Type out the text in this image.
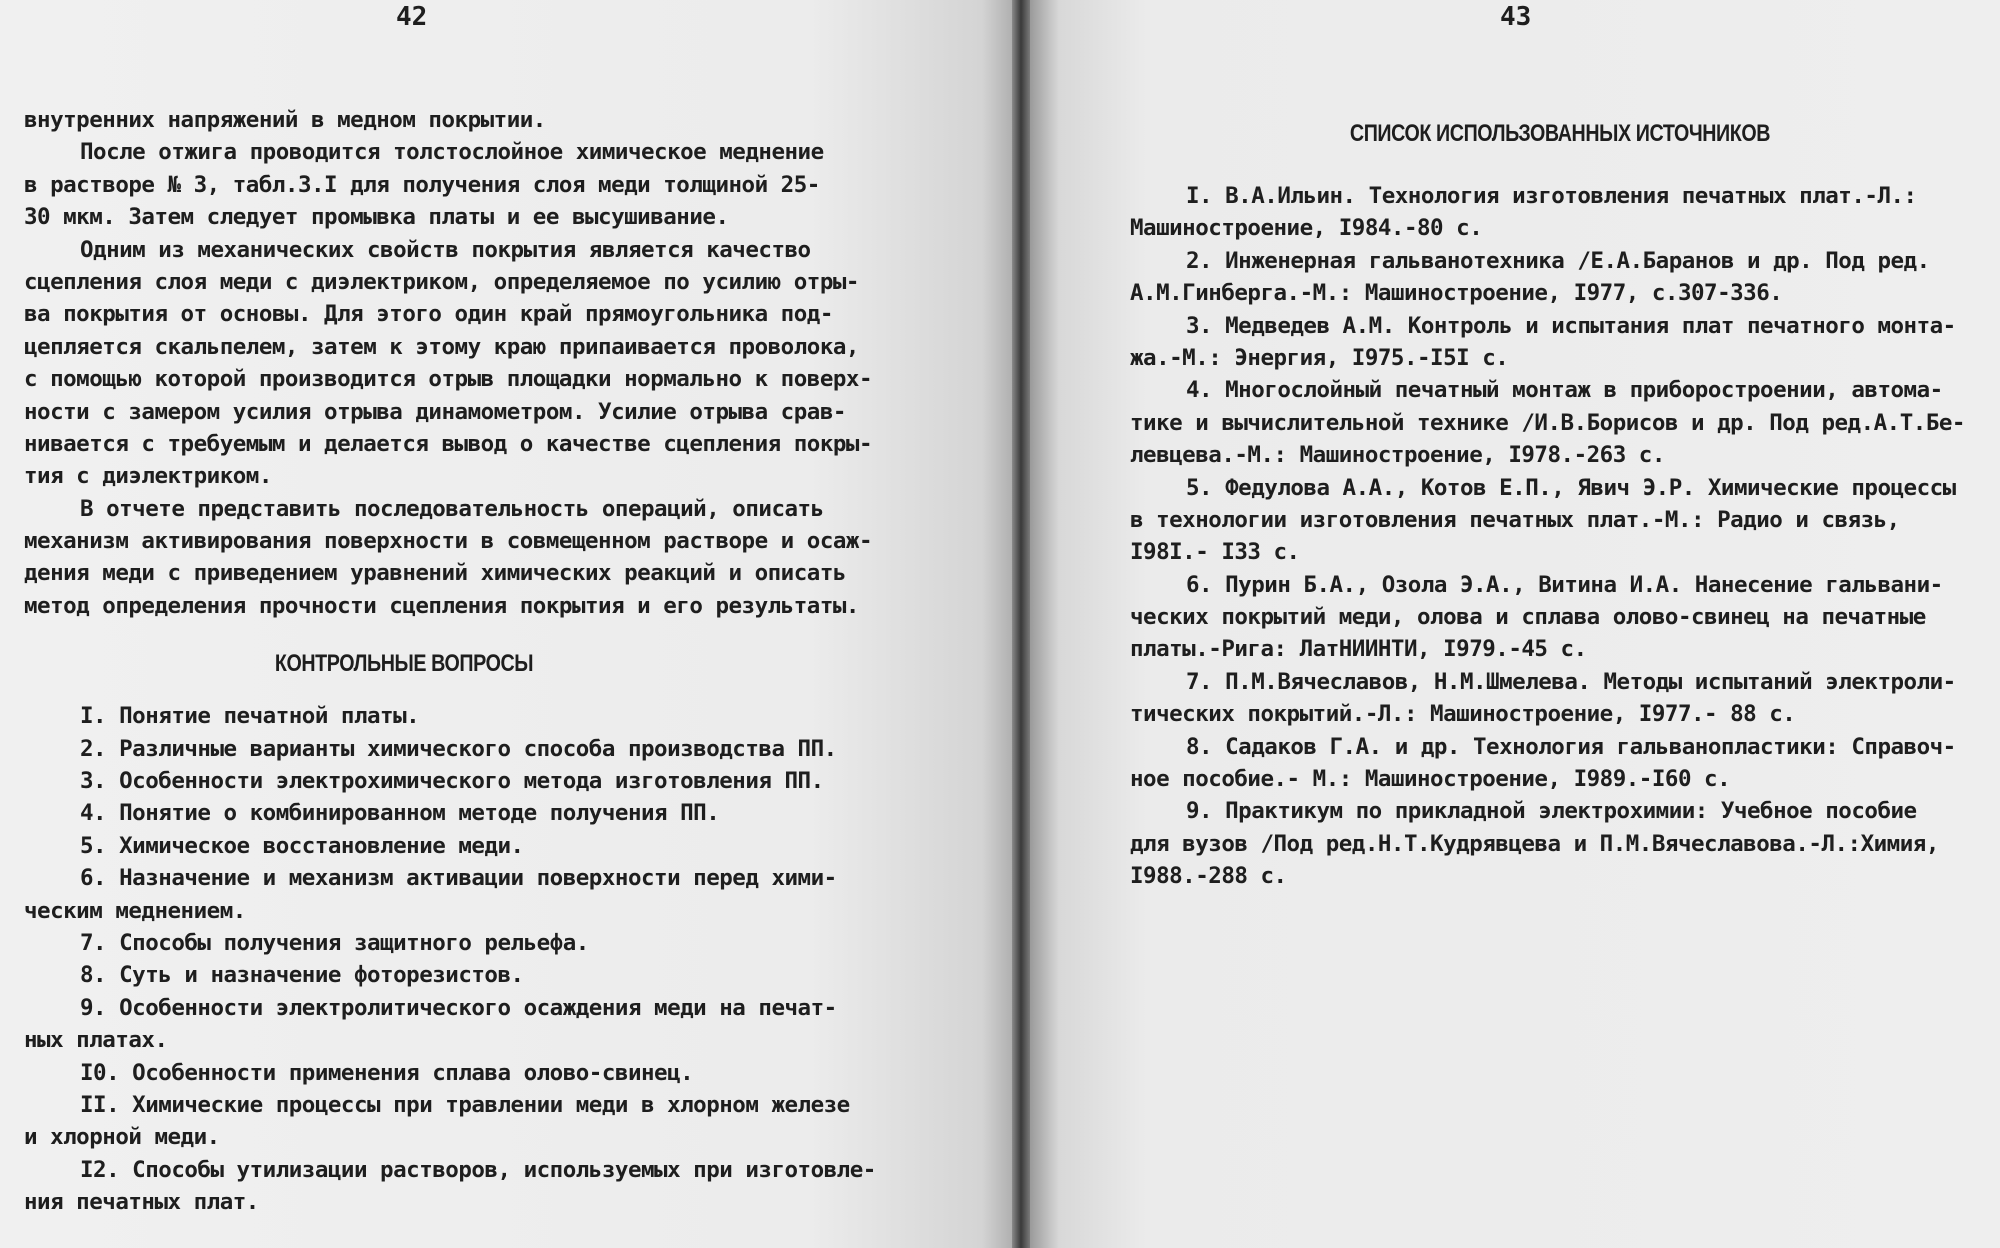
42
внутренних напряжений в медном покрытии.
После отжига проводится толстослойное химическое меднение
в растворе № 3, табл.3.I для получения слоя меди толщиной 25-
30 мкм. Затем следует промывка платы и ее высушивание.
Одним из механических свойств покрытия является качество
сцепления слоя меди с диэлектриком, определяемое по усилию отры-
ва покрытия от основы. Для этого один край прямоугольника под-
цепляется скальпелем, затем к этому краю припаивается проволока,
с помощью которой производится отрыв площадки нормально к поверх-
ности с замером усилия отрыва динамометром. Усилие отрыва срав-
нивается с требуемым и делается вывод о качестве сцепления покры-
тия с диэлектриком.
В отчете представить последовательность операций, описать
механизм активирования поверхности в совмещенном растворе и осаж-
дения меди с приведением уравнений химических реакций и описать
метод определения прочности сцепления покрытия и его результаты.
КОНТРОЛЬНЫЕ ВОПРОСЫ
I. Понятие печатной платы.
2. Различные варианты химического способа производства ПП.
3. Особенности электрохимического метода изготовления ПП.
4. Понятие о комбинированном методе получения ПП.
5. Химическое восстановление меди.
6. Назначение и механизм активации поверхности перед хими-
ческим меднением.
7. Способы получения защитного рельефа.
8. Суть и назначение фоторезистов.
9. Особенности электролитического осаждения меди на печат-
ных платах.
I0. Особенности применения сплава олово-свинец.
II. Химические процессы при травлении меди в хлорном железе
и хлорной меди.
I2. Способы утилизации растворов, используемых при изготовле-
ния печатных плат.
43
СПИСОК ИСПОЛЬЗОВАННЫХ ИСТОЧНИКОВ
I. В.А.Ильин. Технология изготовления печатных плат.-Л.:
Машиностроение, I984.-80 с.
2. Инженерная гальванотехника /Е.А.Баранов и др. Под ред.
А.М.Гинберга.-М.: Машиностроение, I977, с.307-336.
3. Медведев А.М. Контроль и испытания плат печатного монта-
жа.-М.: Энергия, I975.-I5I с.
4. Многослойный печатный монтаж в приборостроении, автома-
тике и вычислительной технике /И.В.Борисов и др. Под ред.А.Т.Бе-
левцева.-М.: Машиностроение, I978.-263 с.
5. Федулова А.А., Котов Е.П., Явич Э.Р. Химические процессы
в технологии изготовления печатных плат.-М.: Радио и связь,
I98I.- I33 с.
6. Пурин Б.А., Озола Э.А., Витина И.А. Нанесение гальвани-
ческих покрытий меди, олова и сплава олово-свинец на печатные
платы.-Рига: ЛатНИИНТИ, I979.-45 с.
7. П.М.Вячеславов, Н.М.Шмелева. Методы испытаний электроли-
тических покрытий.-Л.: Машиностроение, I977.- 88 с.
8. Садаков Г.А. и др. Технология гальванопластики: Справоч-
ное пособие.- М.: Машиностроение, I989.-I60 с.
9. Практикум по прикладной электрохимии: Учебное пособие
для вузов /Под ред.Н.Т.Кудрявцева и П.М.Вячеславова.-Л.:Химия,
I988.-288 с.
